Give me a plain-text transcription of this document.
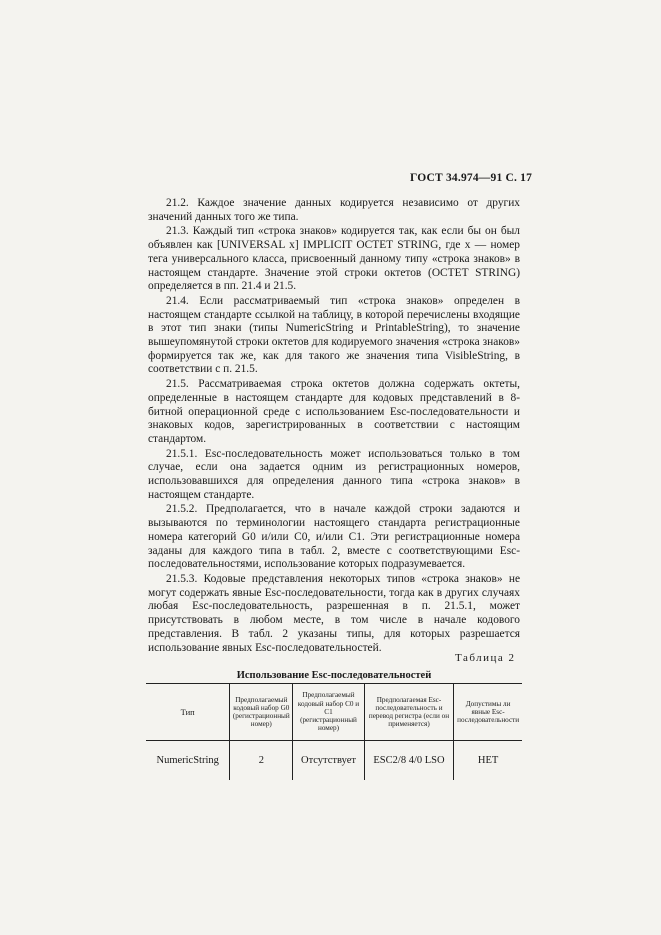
ГОСТ 34.974—91 С. 17

21.2. Каждое значение данных кодируется независимо от других значений данных того же типа.

21.3. Каждый тип «строка знаков» кодируется так, как если бы он был объявлен как [UNIVERSAL x] IMPLICIT OCTET STRING, где x — номер тега универсального класса, присвоенный данному типу «строка знаков» в настоящем стандарте. Значение этой строки октетов (OCTET STRING) определяется в пп. 21.4 и 21.5.

21.4. Если рассматриваемый тип «строка знаков» определен в настоящем стандарте ссылкой на таблицу, в которой перечислены входящие в этот тип знаки (типы NumericString и PrintableString), то значение вышеупомянутой строки октетов для кодируемого значения «строка знаков» формируется так же, как для такого же значения типа VisibleString, в соответствии с п. 21.5.

21.5. Рассматриваемая строка октетов должна содержать октеты, определенные в настоящем стандарте для кодовых представлений в 8-битной операционной среде с использованием Esc-последовательности и знаковых кодов, зарегистрированных в соответствии с настоящим стандартом.

21.5.1. Esc-последовательность может использоваться только в том случае, если она задается одним из регистрационных номеров, использовавшихся для определения данного типа «строка знаков» в настоящем стандарте.

21.5.2. Предполагается, что в начале каждой строки задаются и вызываются по терминологии настоящего стандарта регистрационные номера категорий G0 и/или C0, и/или C1. Эти регистрационные номера заданы для каждого типа в табл. 2, вместе с соответствующими Esc-последовательностями, использование которых подразумевается.

21.5.3. Кодовые представления некоторых типов «строка знаков» не могут содержать явные Esc-последовательности, тогда как в других случаях любая Esc-последовательность, разрешенная в п. 21.5.1, может присутствовать в любом месте, в том числе в начале кодового представления. В табл. 2 указаны типы, для которых разрешается использование явных Esc-последовательностей.

Таблица 2
Использование Esc-последовательностей
Тип	Предполагаемый кодовый набор G0 (регистрационный номер)	Предполагаемый кодовый набор C0 и C1 (регистрационный номер)	Предполагаемая Esc-последовательность и перевод регистра (если он применяется)	Допустимы ли явные Esc-последовательности
NumericString	2	Отсутствует	ESC2/8 4/0 LSO	НЕТ
